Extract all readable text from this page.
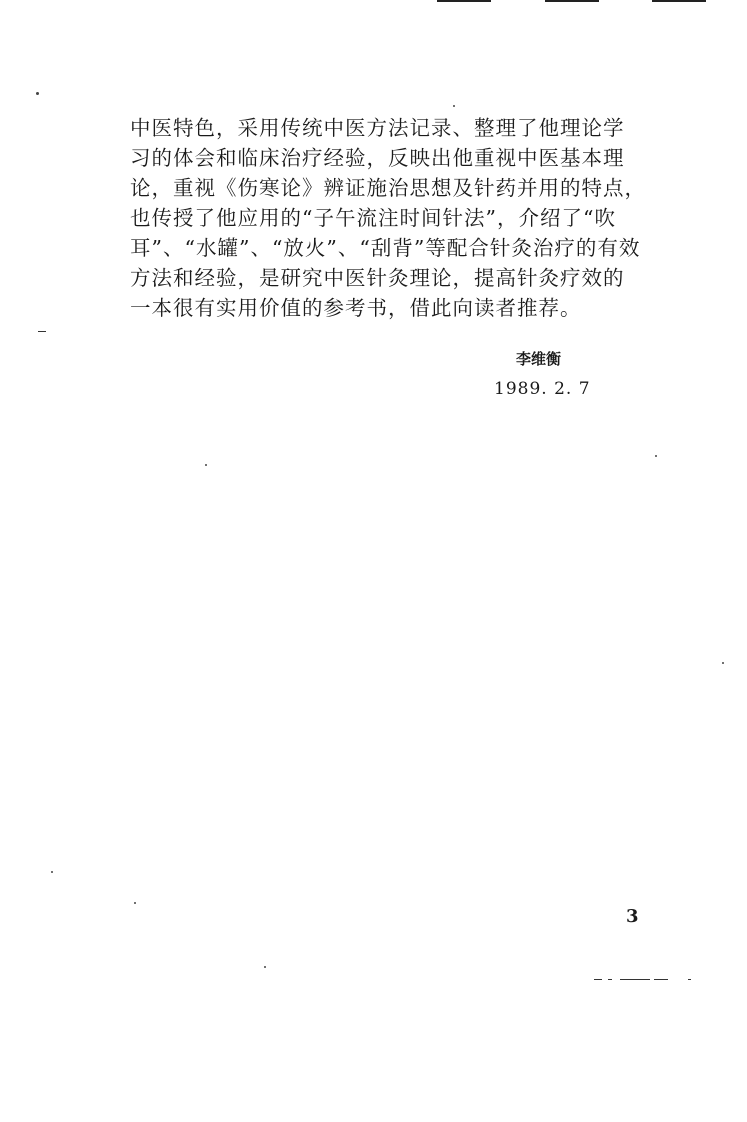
中医特色，采用传统中医方法记录、整理了他理论学
习的体会和临床治疗经验，反映出他重视中医基本理
论，重视《伤寒论》辨证施治思想及针药并用的特点，
也传授了他应用的“子午流注时间针法”，介绍了“吹
耳”、“水罐”、“放火”、“刮背”等配合针灸治疗的有效
方法和经验，是研究中医针灸理论，提高针灸疗效的
一本很有实用价值的参考书，借此向读者推荐。
李维衡
1989. 2. 7
3
